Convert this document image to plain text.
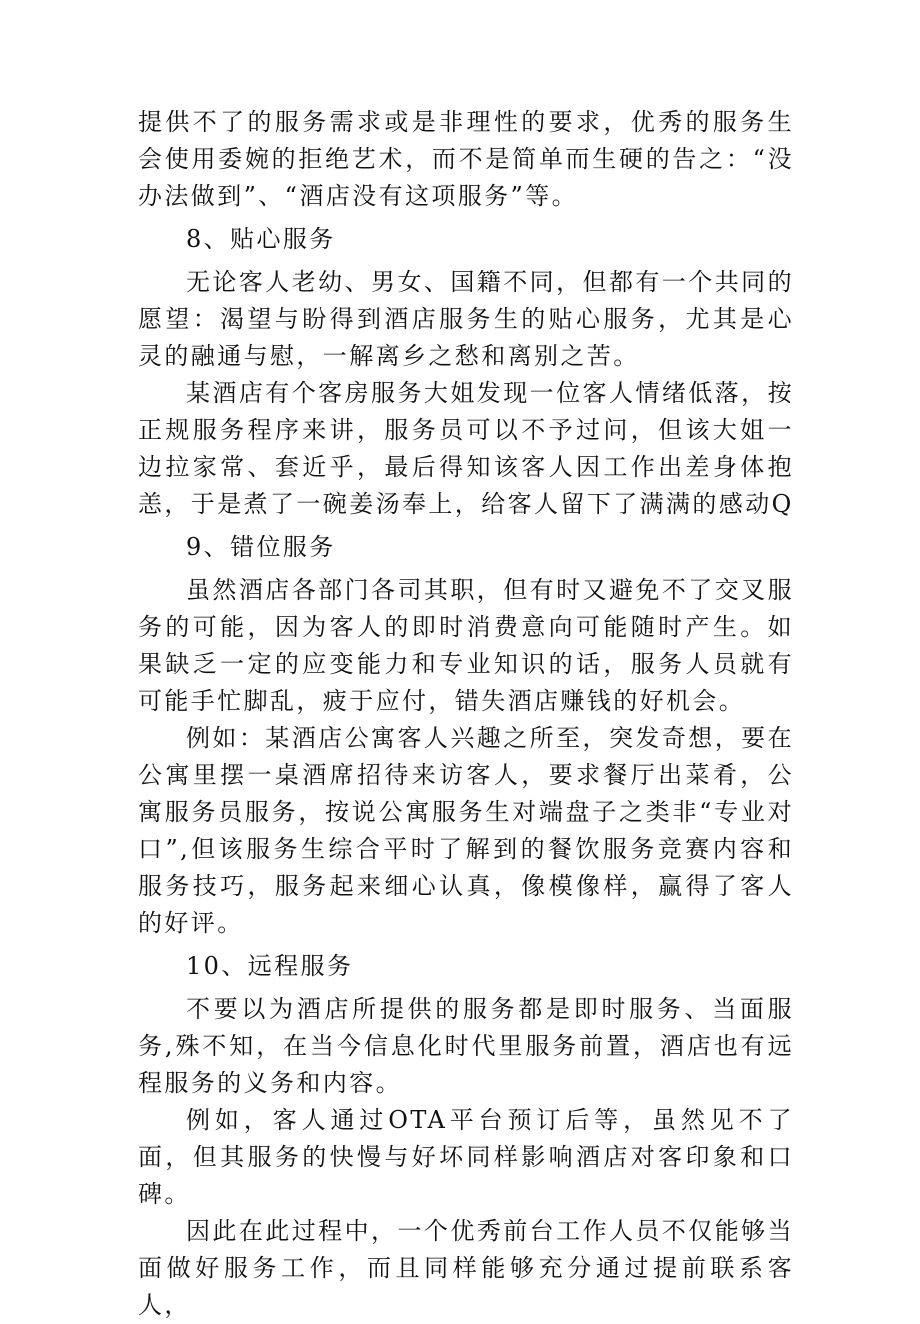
提供不了的服务需求或是非理性的要求，优秀的服务生会使用委婉的拒绝艺术，而不是简单而生硬的告之：“没办法做到”、“酒店没有这项服务”等。

8、贴心服务

无论客人老幼、男女、国籍不同，但都有一个共同的愿望：渴望与盼得到酒店服务生的贴心服务，尤其是心灵的融通与慰，一解离乡之愁和离别之苦。

某酒店有个客房服务大姐发现一位客人情绪低落，按正规服务程序来讲，服务员可以不予过问，但该大姐一边拉家常、套近乎，最后得知该客人因工作出差身体抱恙，于是煮了一碗姜汤奉上，给客人留下了满满的感动Q

9、错位服务

虽然酒店各部门各司其职，但有时又避免不了交叉服务的可能，因为客人的即时消费意向可能随时产生。如果缺乏一定的应变能力和专业知识的话，服务人员就有可能手忙脚乱，疲于应付，错失酒店赚钱的好机会。

例如：某酒店公寓客人兴趣之所至，突发奇想，要在公寓里摆一桌酒席招待来访客人，要求餐厅出菜肴，公寓服务员服务，按说公寓服务生对端盘子之类非“专业对口”,但该服务生综合平时了解到的餐饮服务竞赛内容和服务技巧，服务起来细心认真，像模像样，赢得了客人的好评。

10、远程服务

不要以为酒店所提供的服务都是即时服务、当面服务,殊不知，在当今信息化时代里服务前置，酒店也有远程服务的义务和内容。

例如，客人通过OTA平台预订后等，虽然见不了面，但其服务的快慢与好坏同样影响酒店对客印象和口碑。

因此在此过程中，一个优秀前台工作人员不仅能够当面做好服务工作，而且同样能够充分通过提前联系客人，
